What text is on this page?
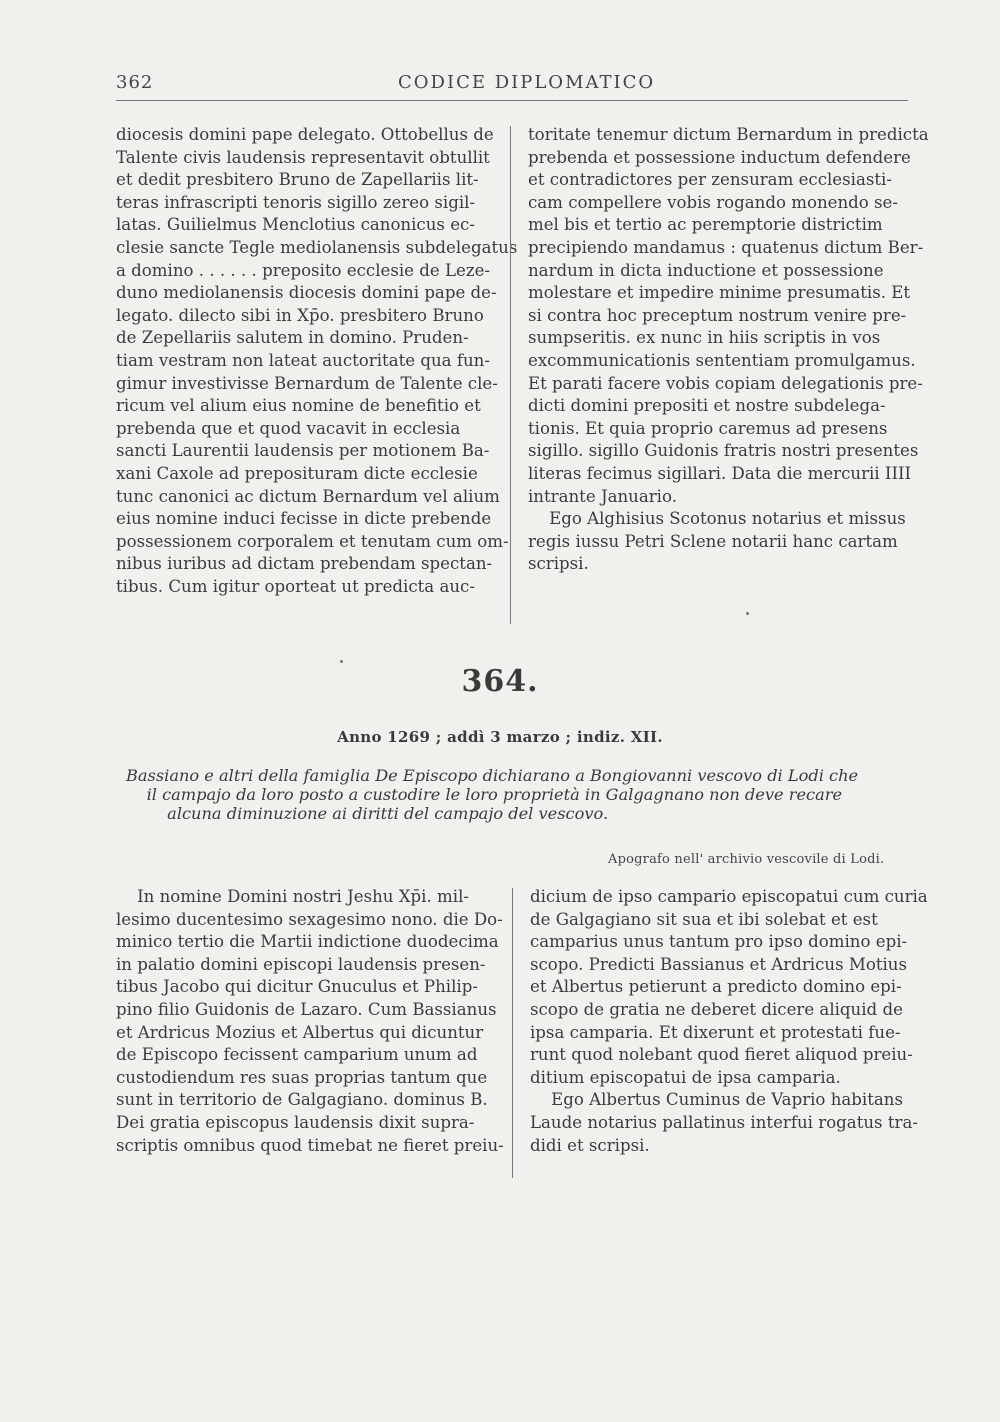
362	CODICE DIPLOMATICO
diocesis domini pape delegato. Ottobellus de
Talente civis laudensis representavit obtullit
et dedit presbitero Bruno de Zapellariis lit-
teras infrascripti tenoris sigillo zereo sigil-
latas. Guilielmus Menclotius canonicus ec-
clesie sancte Tegle mediolanensis subdelegatus
a domino . . . . . . preposito ecclesie de Leze-
duno mediolanensis diocesis domini pape de-
legato. dilecto sibi in Xp̄o. presbitero Bruno
de Zepellariis salutem in domino. Pruden-
tiam vestram non lateat auctoritate qua fun-
gimur investivisse Bernardum de Talente cle-
ricum vel alium eius nomine de benefitio et
prebenda que et quod vacavit in ecclesia
sancti Laurentii laudensis per motionem Ba-
xani Caxole ad preposituram dicte ecclesie
tunc canonici ac dictum Bernardum vel alium
eius nomine induci fecisse in dicte prebende
possessionem corporalem et tenutam cum om-
nibus iuribus ad dictam prebendam spectan-
tibus. Cum igitur oporteat ut predicta auc-
toritate tenemur dictum Bernardum in predicta
prebenda et possessione inductum defendere
et contradictores per zensuram ecclesiasti-
cam compellere vobis rogando monendo se-
mel bis et tertio ac peremptorie districtim
precipiendo mandamus : quatenus dictum Ber-
nardum in dicta inductione et possessione
molestare et impedire minime presumatis. Et
si contra hoc preceptum nostrum venire pre-
sumpseritis. ex nunc in hiis scriptis in vos
excommunicationis sententiam promulgamus.
Et parati facere vobis copiam delegationis pre-
dicti domini prepositi et nostre subdelega-
tionis. Et quia proprio caremus ad presens
sigillo. sigillo Guidonis fratris nostri presentes
literas fecimus sigillari. Data die mercurii IIII
intrante Januario.
Ego Alghisius Scotonus notarius et missus
regis iussu Petri Sclene notarii hanc cartam
scripsi.
364.
Anno 1269 ; addì 3 marzo ; indiz. XII.
Bassiano e altri della famiglia De Episcopo dichiarano a Bongiovanni vescovo di Lodi che
il campajo da loro posto a custodire le loro proprietà in Galgagnano non deve recare
alcuna diminuzione ai diritti del campajo del vescovo.
Apografo nell' archivio vescovile di Lodi.
In nomine Domini nostri Jeshu Xp̄i. mil-
lesimo ducentesimo sexagesimo nono. die Do-
minico tertio die Martii indictione duodecima
in palatio domini episcopi laudensis presen-
tibus Jacobo qui dicitur Gnuculus et Philip-
pino filio Guidonis de Lazaro. Cum Bassianus
et Ardricus Mozius et Albertus qui dicuntur
de Episcopo fecissent camparium unum ad
custodiendum res suas proprias tantum que
sunt in territorio de Galgagiano. dominus B.
Dei gratia episcopus laudensis dixit supra-
scriptis omnibus quod timebat ne fieret preiu-
dicium de ipso campario episcopatui cum curia
de Galgagiano sit sua et ibi solebat et est
camparius unus tantum pro ipso domino epi-
scopo. Predicti Bassianus et Ardricus Motius
et Albertus petierunt a predicto domino epi-
scopo de gratia ne deberet dicere aliquid de
ipsa camparia. Et dixerunt et protestati fue-
runt quod nolebant quod fieret aliquod preiu-
ditium episcopatui de ipsa camparia.
Ego Albertus Cuminus de Vaprio habitans
Laude notarius pallatinus interfui rogatus tra-
didi et scripsi.
